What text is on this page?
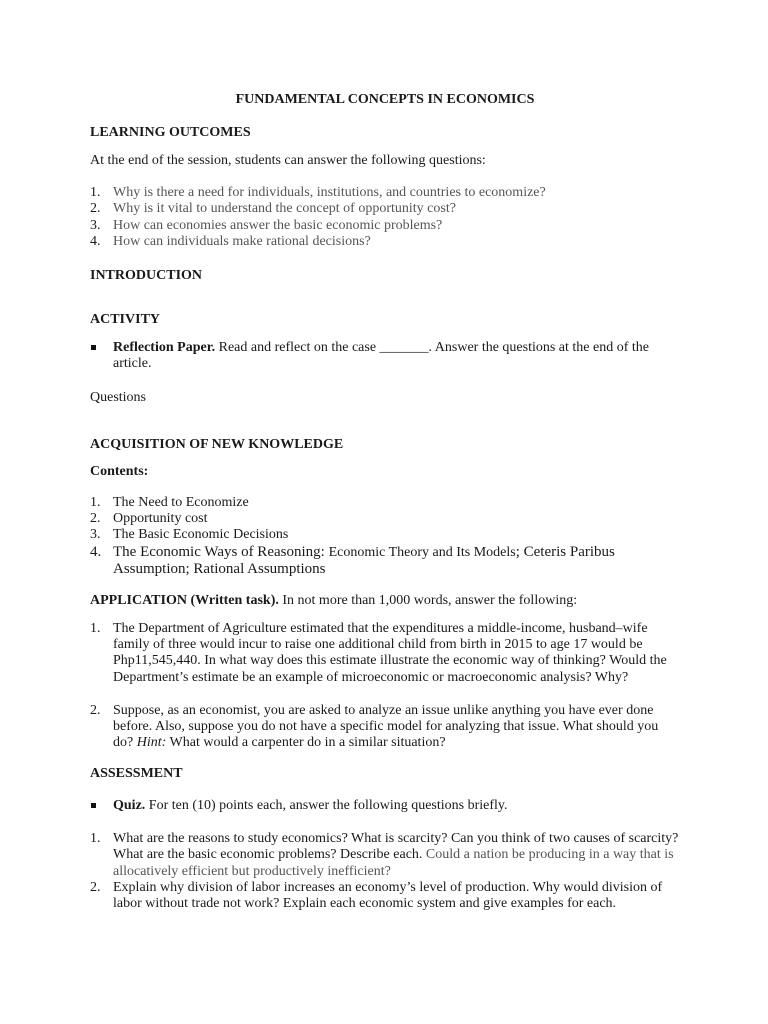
FUNDAMENTAL CONCEPTS IN ECONOMICS

LEARNING OUTCOMES

At the end of the session, students can answer the following questions:

1. Why is there a need for individuals, institutions, and countries to economize?
2. Why is it vital to understand the concept of opportunity cost?
3. How can economies answer the basic economic problems?
4. How can individuals make rational decisions?

INTRODUCTION

ACTIVITY

Reflection Paper. Read and reflect on the case _______. Answer the questions at the end of the article.

Questions

ACQUISITION OF NEW KNOWLEDGE

Contents:

1. The Need to Economize
2. Opportunity cost
3. The Basic Economic Decisions
4. The Economic Ways of Reasoning: Economic Theory and Its Models; Ceteris Paribus Assumption; Rational Assumptions

APPLICATION (Written task). In not more than 1,000 words, answer the following:

1. The Department of Agriculture estimated that the expenditures a middle-income, husband–wife family of three would incur to raise one additional child from birth in 2015 to age 17 would be Php11,545,440. In what way does this estimate illustrate the economic way of thinking? Would the Department’s estimate be an example of microeconomic or macroeconomic analysis? Why?
2. Suppose, as an economist, you are asked to analyze an issue unlike anything you have ever done before. Also, suppose you do not have a specific model for analyzing that issue. What should you do? Hint: What would a carpenter do in a similar situation?

ASSESSMENT

Quiz. For ten (10) points each, answer the following questions briefly.
1. What are the reasons to study economics? What is scarcity? Can you think of two causes of scarcity? What are the basic economic problems? Describe each. Could a nation be producing in a way that is allocatively efficient but productively inefficient?
2. Explain why division of labor increases an economy’s level of production. Why would division of labor without trade not work? Explain each economic system and give examples for each.
